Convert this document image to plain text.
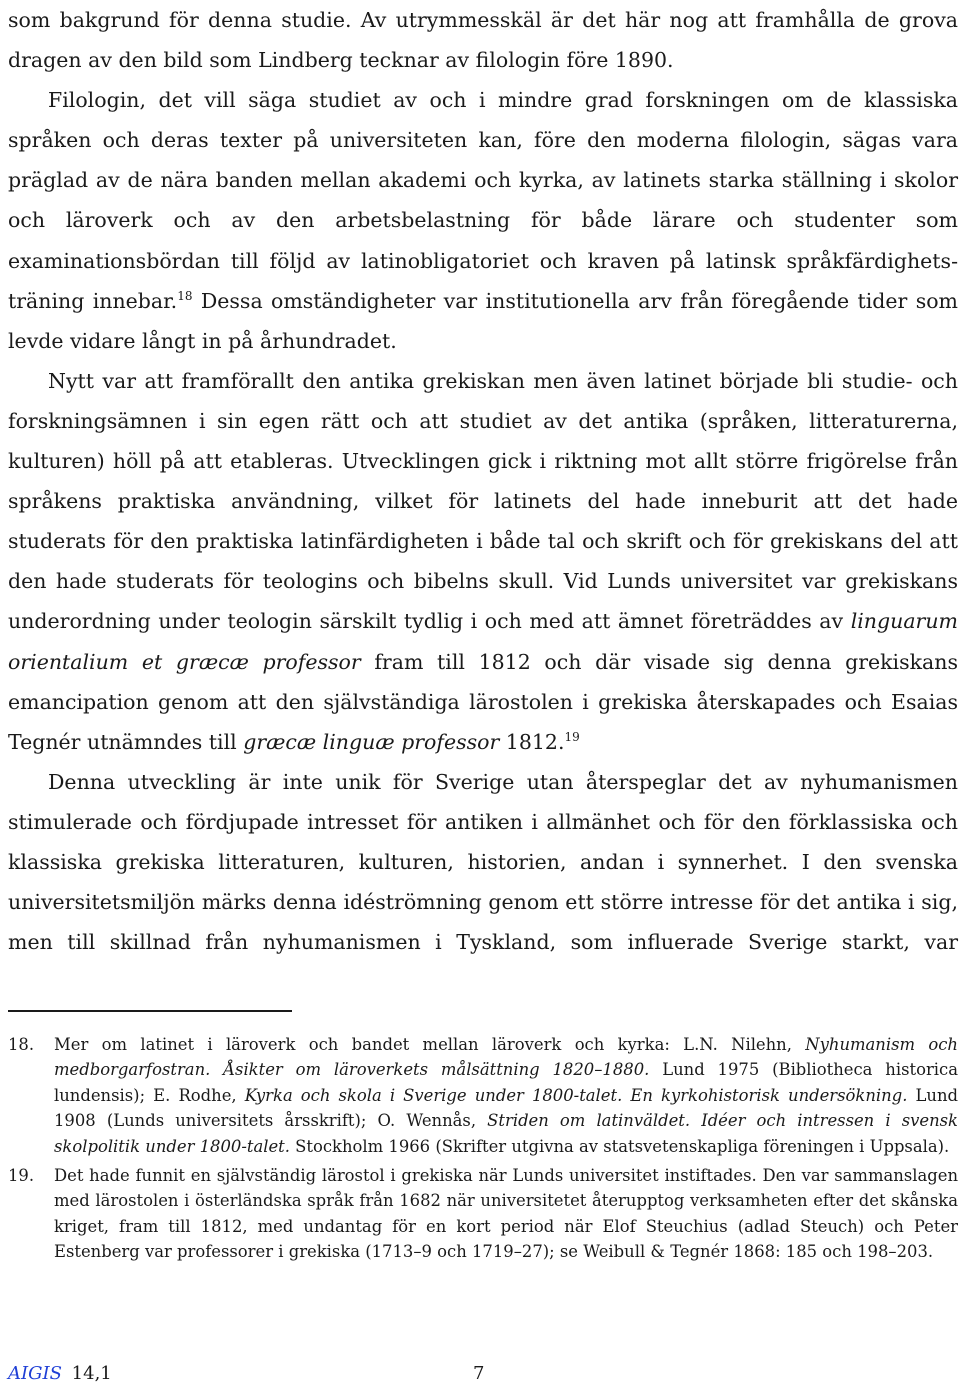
som bakgrund för denna studie. Av utrymmesskäl är det här nog att framhålla de grova
dragen av den bild som Lindberg tecknar av filologin före 1890.

Filologin, det vill säga studiet av och i mindre grad forskningen om de klassiska språken och deras texter på universiteten kan, före den moderna filologin, sägas vara präglad av de nära banden mellan akademi och kyrka, av latinets starka ställning i skolor och läroverk och av den arbetsbelastning för både lärare och studenter som examinationsbördan till följd av latinobligatoriet och kraven på latinsk språkfärdighetsträning innebar.$^{18}$ Dessa omständigheter var institutionella arv från föregående tider som levde vidare långt in på århundradet.

Nytt var att framförallt den antika grekiskan men även latinet började bli studie- och forskningsämnen i sin egen rätt och att studiet av det antika (språken, litteraturerna, kulturen) höll på att etableras. Utvecklingen gick i riktning mot allt större frigörelse från språkens praktiska användning, vilket för latinets del hade inneburit att det hade studerats för den praktiska latinfärdigheten i både tal och skrift och för grekiskans del att den hade studerats för teologins och bibelns skull. Vid Lunds universitet var grekiskans underordning under teologin särskilt tydlig i och med att ämnet företräddes av linguarum orientalium et græcæ professor fram till 1812 och där visade sig denna grekiskans emancipation genom att den självständiga lärostolen i grekiska återskapades och Esaias Tegnér utnämndes till græcæ linguæ professor 1812.19

Denna utveckling är inte unik för Sverige utan återspeglar det av nyhumanismen stimulerade och fördjupade intresset för antiken i allmänhet och för den förklassiska och klassiska grekiska litteraturen, kulturen, historien, andan i synnerhet. I den svenska universitetsmiljön märks denna idéströmning genom ett större intresse för det antika i sig, men till skillnad från nyhumanismen i Tyskland, som influerade Sverige starkt, var

18.	Mer om latinet i läroverk och bandet mellan läroverk och kyrka: L.N. Nilehn, Nyhumanism och medborgarfostran. Åsikter om läroverkets målsättning 1820–1880. Lund 1975 (Bibliotheca historica lundensis); E. Rodhe, Kyrka och skola i Sverige under 1800-talet. En kyrkohistorisk undersökning. Lund 1908 (Lunds universitets årsskrift); O. Wennås, Striden om latinväldet. Idéer och intressen i svensk skolpolitik under 1800-talet. Stockholm 1966 (Skrifter utgivna av statsvetenskapliga föreningen i Uppsala).
19.	Det hade funnit en självständig lärostol i grekiska när Lunds universitet instiftades. Den var sammanslagen med lärostolen i österländska språk från 1682 när universitetet återupptog verksamheten efter det skånska kriget, fram till 1812, med undantag för en kort period när Elof Steuchius (adlad Steuch) och Peter Estenberg var professorer i grekiska (1713–9 och 1719–27); se Weibull & Tegnér 1868: 185 och 198–203.
AIGIS 14,1	7
